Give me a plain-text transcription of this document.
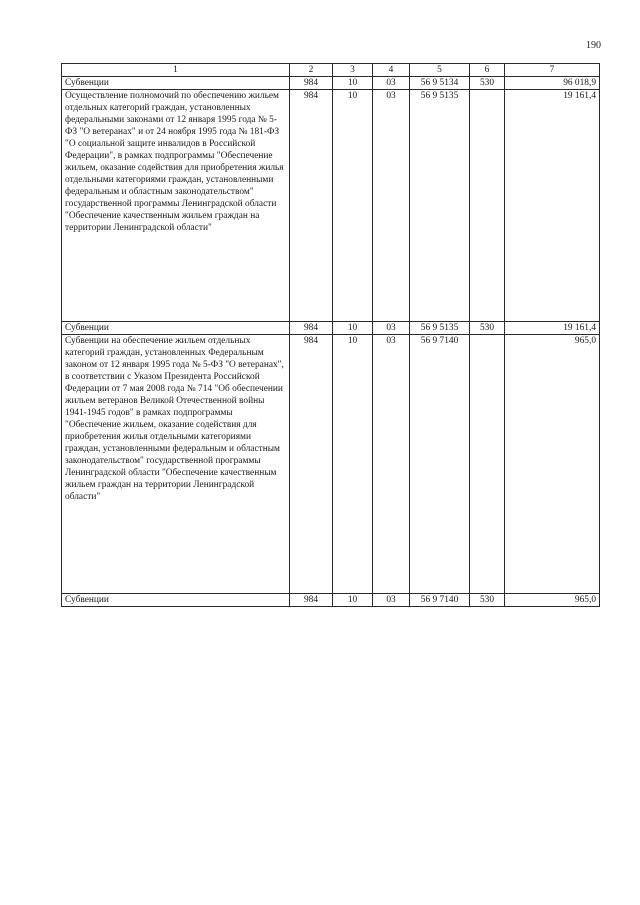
190
1	2	3	4	5	6	7
Субвенции	984	10	03	56 9 5134	530	96 018,9
Осуществление полномочий по обеспечению жильем отдельных категорий граждан, установленных федеральными законами от 12 января 1995 года № 5-ФЗ "О ветеранах" и от 24 ноября 1995 года № 181-ФЗ "О социальной защите инвалидов в Российской Федерации", в рамках подпрограммы "Обеспечение жильем, оказание содействия для приобретения жилья отдельными категориями граждан, установленными федеральным и областным законодательством" государственной программы Ленинградской области "Обеспечение качественным жильем граждан на территории Ленинградской области"	984	10	03	56 9 5135		19 161,4
Субвенции	984	10	03	56 9 5135	530	19 161,4
Субвенции на обеспечение жильем отдельных категорий граждан, установленных Федеральным законом от 12 января 1995 года № 5-ФЗ "О ветеранах", в соответствии с Указом Президента Российской Федерации от 7 мая 2008 года № 714 "Об обеспечении жильем ветеранов Великой Отечественной войны 1941-1945 годов" в рамках подпрограммы "Обеспечение жильем, оказание содействия для приобретения жилья отдельными категориями граждан, установленными федеральным и областным законодательством" государственной программы Ленинградской области "Обеспечение качественным жильем граждан на территории Ленинградской области"	984	10	03	56 9 7140		965,0
Субвенции	984	10	03	56 9 7140	530	965,0
